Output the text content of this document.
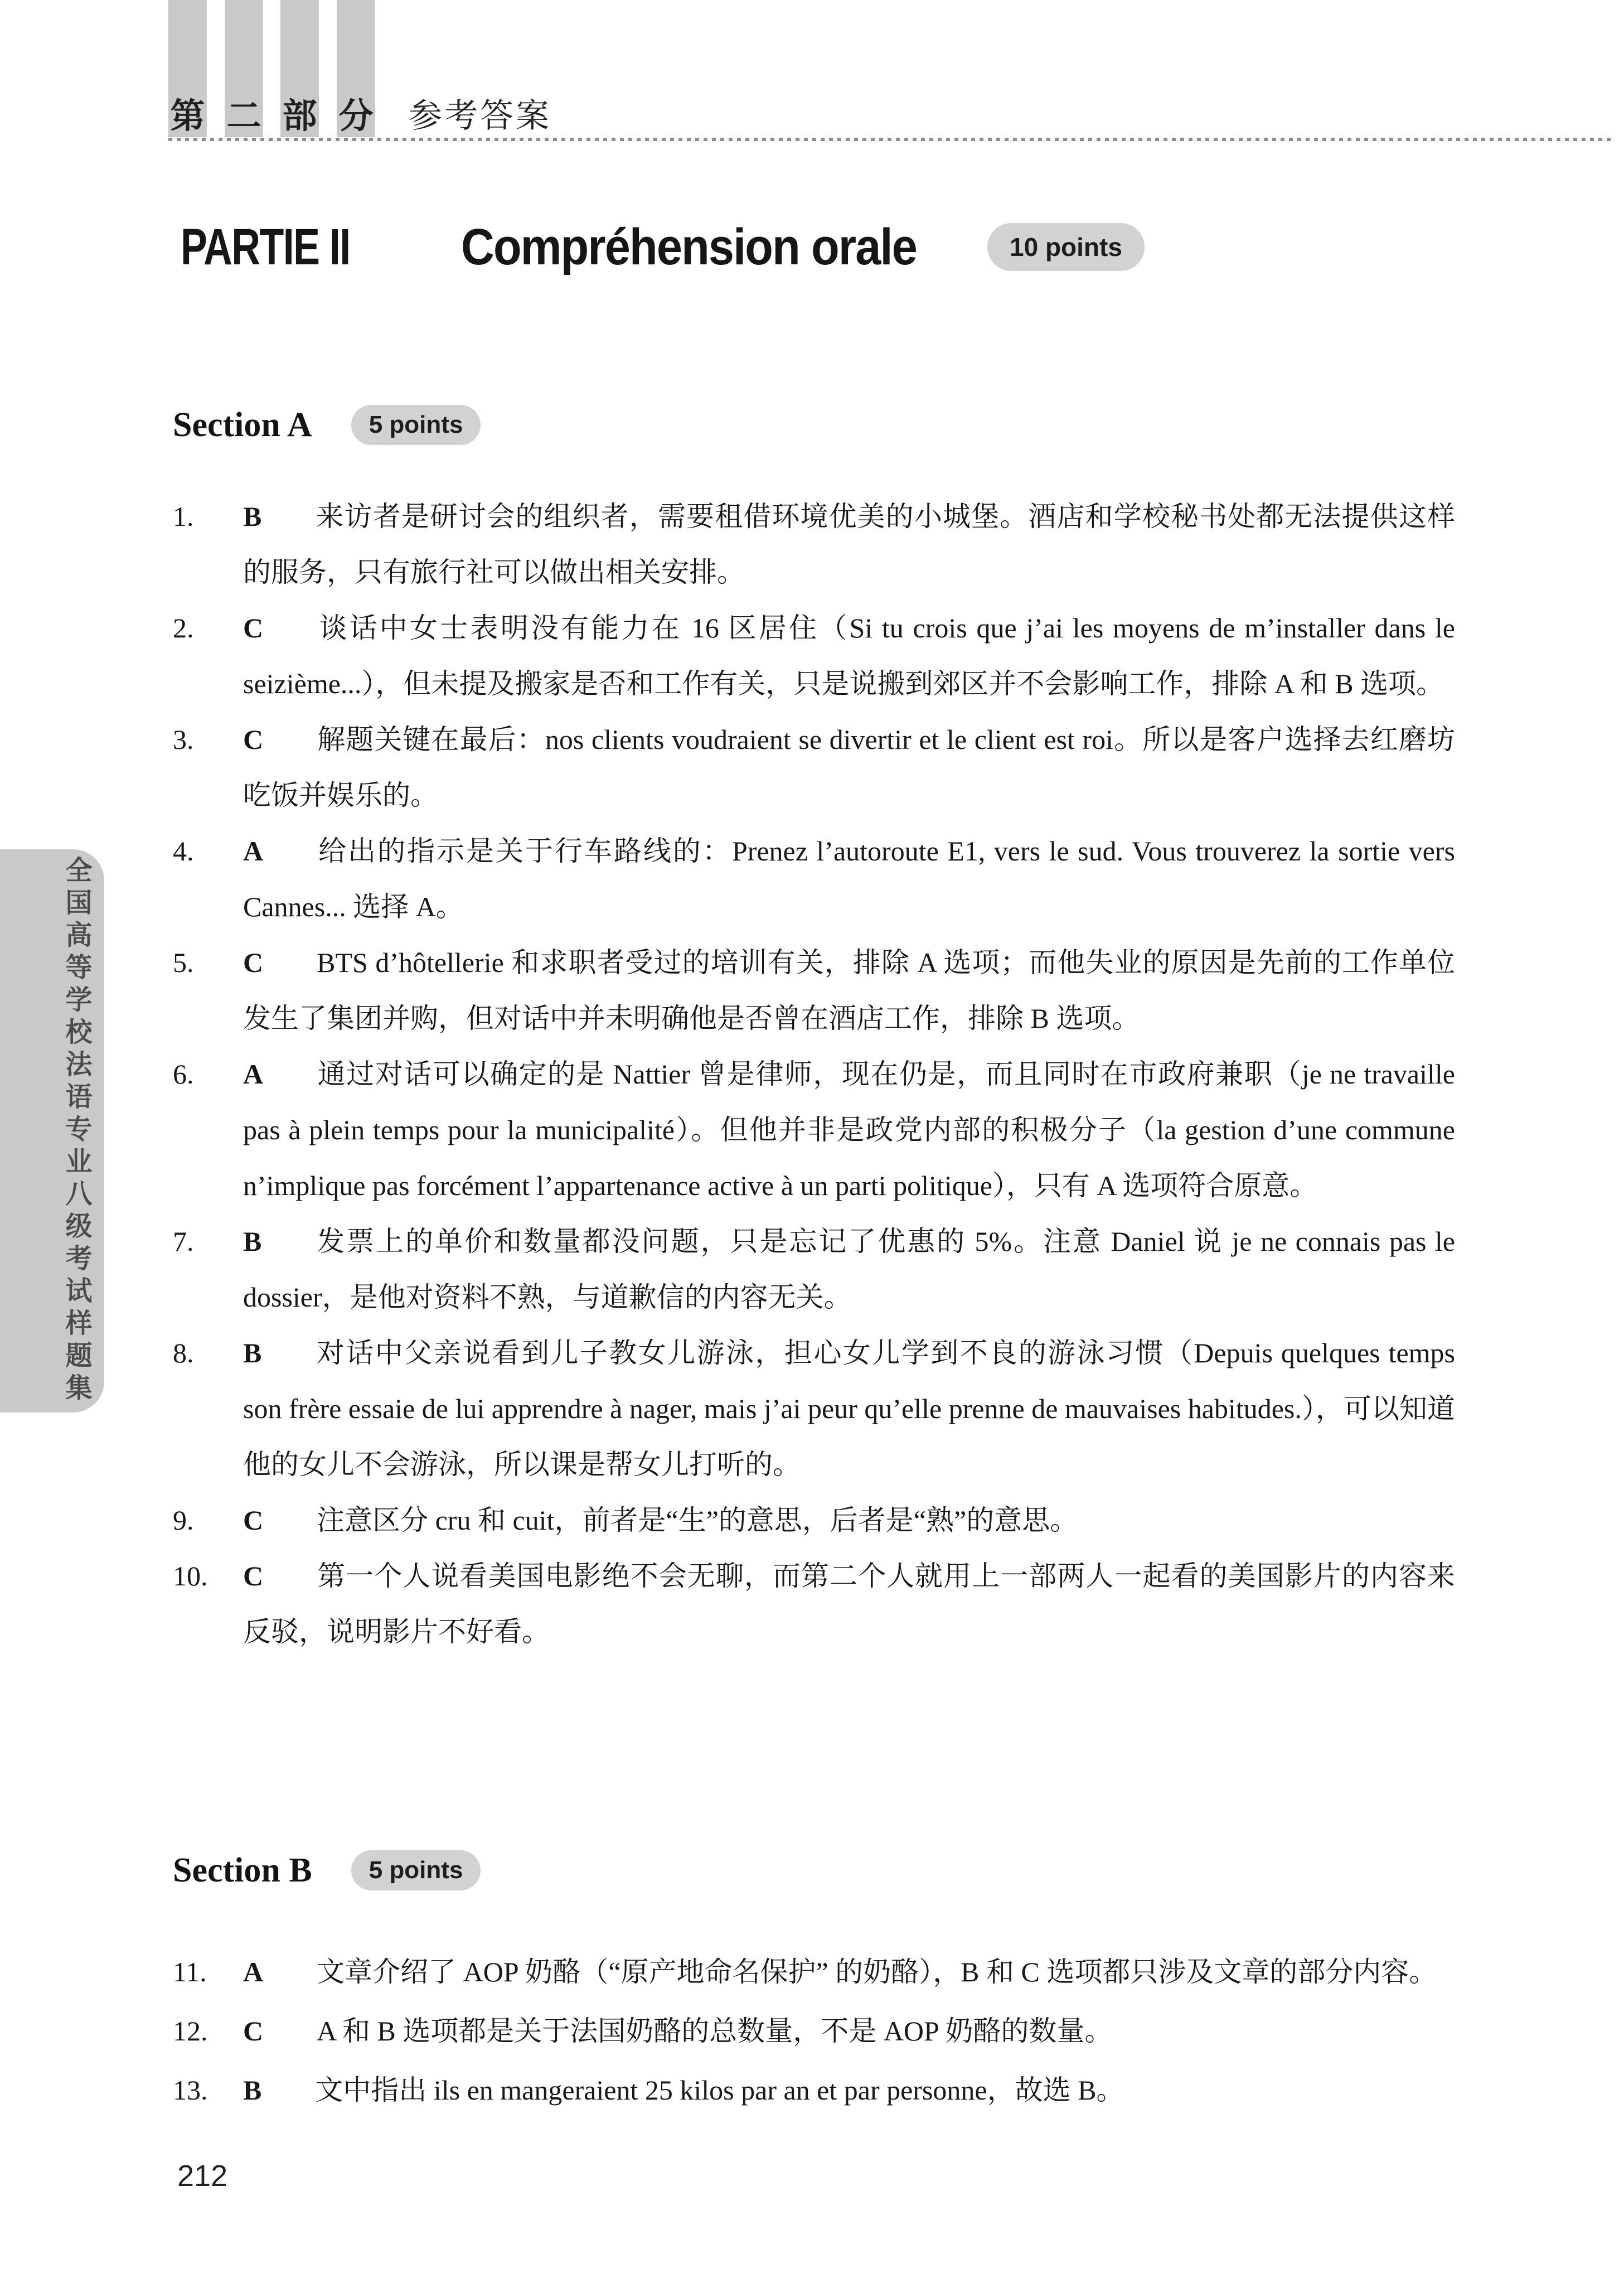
第 二 部 分 参考答案
全国高等学校法语专业八级考试样题集
PARTIE II Compréhension orale	10 points
Section A 5 points
1.	B 来访者是研讨会的组织者，需要租借环境优美的小城堡。酒店和学校秘书处都无法提供这样的服务，只有旅行社可以做出相关安排。
2.	C 谈话中女士表明没有能力在 16 区居住（Si tu crois que j’ai les moyens de m’installer dans le seizième...），但未提及搬家是否和工作有关，只是说搬到郊区并不会影响工作，排除 A 和 B 选项。
3.	C 解题关键在最后：nos clients voudraient se divertir et le client est roi。所以是客户选择去红磨坊吃饭并娱乐的。
4.	A 给出的指示是关于行车路线的：Prenez l’autoroute E1, vers le sud. Vous trouverez la sortie vers Cannes... 选择 A。
5.	C BTS d’hôtellerie 和求职者受过的培训有关，排除 A 选项；而他失业的原因是先前的工作单位发生了集团并购，但对话中并未明确他是否曾在酒店工作，排除 B 选项。
6.	A 通过对话可以确定的是 Nattier 曾是律师，现在仍是，而且同时在市政府兼职（je ne travaille pas à plein temps pour la municipalité）。但他并非是政党内部的积极分子（la gestion d’une commune n’implique pas forcément l’appartenance active à un parti politique），只有 A 选项符合原意。
7.	B 发票上的单价和数量都没问题，只是忘记了优惠的 5%。注意 Daniel 说 je ne connais pas le dossier，是他对资料不熟，与道歉信的内容无关。
8.	B 对话中父亲说看到儿子教女儿游泳，担心女儿学到不良的游泳习惯（Depuis quelques temps son frère essaie de lui apprendre à nager, mais j’ai peur qu’elle prenne de mauvaises habitudes.），可以知道他的女儿不会游泳，所以课是帮女儿打听的。
9.	C 注意区分 cru 和 cuit，前者是“生”的意思，后者是“熟”的意思。
10.	C 第一个人说看美国电影绝不会无聊，而第二个人就用上一部两人一起看的美国影片的内容来反驳，说明影片不好看。
Section B 5 points
11.	A 文章介绍了 AOP 奶酪（“原产地命名保护” 的奶酪），B 和 C 选项都只涉及文章的部分内容。
12.	C A 和 B 选项都是关于法国奶酪的总数量，不是 AOP 奶酪的数量。
13.	B 文中指出 ils en mangeraient 25 kilos par an et par personne，故选 B。
212
